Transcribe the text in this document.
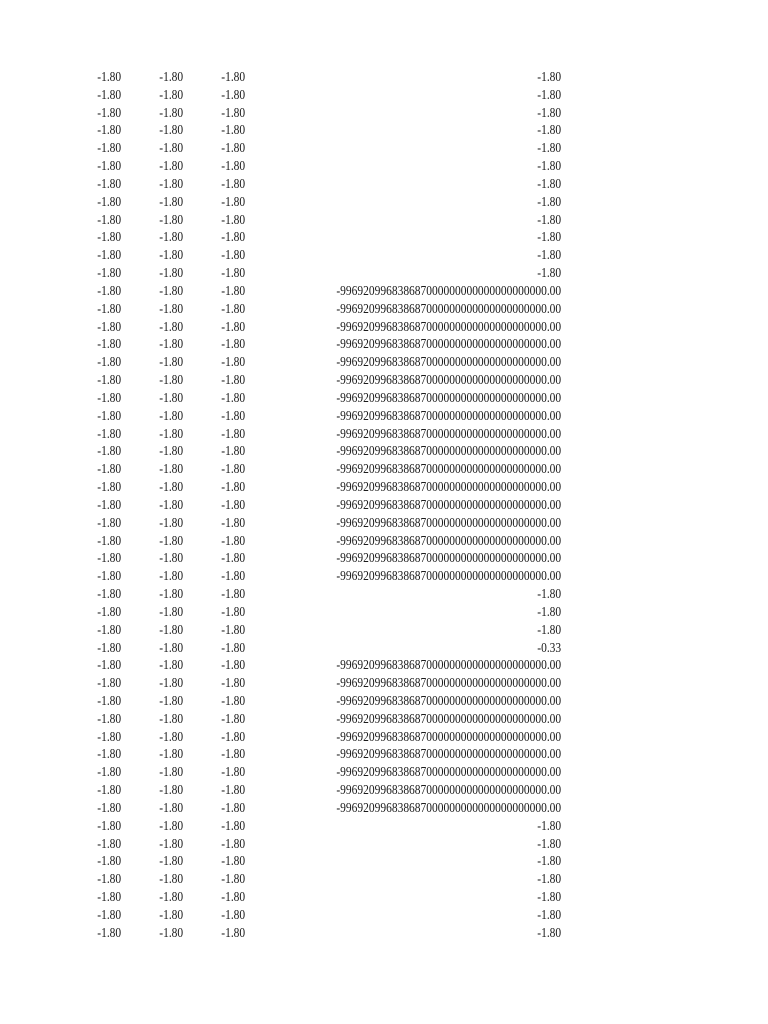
-1.80	-1.80	-1.80	-1.80
-1.80	-1.80	-1.80	-1.80
-1.80	-1.80	-1.80	-1.80
-1.80	-1.80	-1.80	-1.80
-1.80	-1.80	-1.80	-1.80
-1.80	-1.80	-1.80	-1.80
-1.80	-1.80	-1.80	-1.80
-1.80	-1.80	-1.80	-1.80
-1.80	-1.80	-1.80	-1.80
-1.80	-1.80	-1.80	-1.80
-1.80	-1.80	-1.80	-1.80
-1.80	-1.80	-1.80	-1.80
-1.80	-1.80	-1.80	-996920996838687000000000000000000000.00
-1.80	-1.80	-1.80	-996920996838687000000000000000000000.00
-1.80	-1.80	-1.80	-996920996838687000000000000000000000.00
-1.80	-1.80	-1.80	-996920996838687000000000000000000000.00
-1.80	-1.80	-1.80	-996920996838687000000000000000000000.00
-1.80	-1.80	-1.80	-996920996838687000000000000000000000.00
-1.80	-1.80	-1.80	-996920996838687000000000000000000000.00
-1.80	-1.80	-1.80	-996920996838687000000000000000000000.00
-1.80	-1.80	-1.80	-996920996838687000000000000000000000.00
-1.80	-1.80	-1.80	-996920996838687000000000000000000000.00
-1.80	-1.80	-1.80	-996920996838687000000000000000000000.00
-1.80	-1.80	-1.80	-996920996838687000000000000000000000.00
-1.80	-1.80	-1.80	-996920996838687000000000000000000000.00
-1.80	-1.80	-1.80	-996920996838687000000000000000000000.00
-1.80	-1.80	-1.80	-996920996838687000000000000000000000.00
-1.80	-1.80	-1.80	-996920996838687000000000000000000000.00
-1.80	-1.80	-1.80	-996920996838687000000000000000000000.00
-1.80	-1.80	-1.80	-1.80
-1.80	-1.80	-1.80	-1.80
-1.80	-1.80	-1.80	-1.80
-1.80	-1.80	-1.80	-0.33
-1.80	-1.80	-1.80	-996920996838687000000000000000000000.00
-1.80	-1.80	-1.80	-996920996838687000000000000000000000.00
-1.80	-1.80	-1.80	-996920996838687000000000000000000000.00
-1.80	-1.80	-1.80	-996920996838687000000000000000000000.00
-1.80	-1.80	-1.80	-996920996838687000000000000000000000.00
-1.80	-1.80	-1.80	-996920996838687000000000000000000000.00
-1.80	-1.80	-1.80	-996920996838687000000000000000000000.00
-1.80	-1.80	-1.80	-996920996838687000000000000000000000.00
-1.80	-1.80	-1.80	-996920996838687000000000000000000000.00
-1.80	-1.80	-1.80	-1.80
-1.80	-1.80	-1.80	-1.80
-1.80	-1.80	-1.80	-1.80
-1.80	-1.80	-1.80	-1.80
-1.80	-1.80	-1.80	-1.80
-1.80	-1.80	-1.80	-1.80
-1.80	-1.80	-1.80	-1.80
